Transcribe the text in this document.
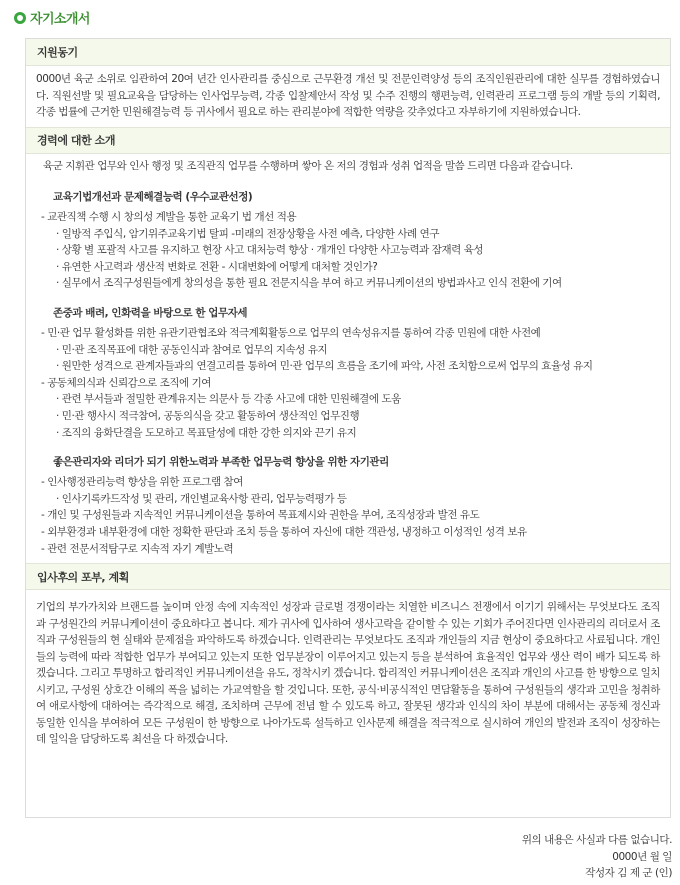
자기소개서
지원동기

0000년 육군 소위로 임관하여 20여 년간 인사관리를 중심으로 근무환경 개선 및 전문인력양성 등의 조직인원관리에 대한 실무를 경험하였습니다. 직원선발 및 필요교육을 담당하는 인사업무능력, 각종 입찰제안서 작성 및 수주 진행의 행편능력, 인력관리 프로그램 등의 개발 등의 기획력, 각종 법률에 근거한 민원해결능력 등 귀사에서 필요로 하는 관리분야에 적합한 역량을 갖추었다고 자부하기에 지원하였습니다.

경력에 대한 소개
육군 지휘관 업무와 인사 행정 및 조직관직 업무를 수행하며 쌓아 온 저의 경험과 성취 업적을 말씀 드리면 다음과 같습니다.
교육기법개선과 문제해결능력 (우수교관선정)
- 교관직책 수행 시 창의성 계발을 통한 교육기 법 개선 적용
· 일방적 주입식, 암기위주교육기법 탈피 -미래의 전장상황을 사전 예측, 다양한 사례 연구
· 상황 별 포괄적 사고를 유지하고 현장 사고 대처능력 향상 · 개개인 다양한 사고능력과 잠재력 육성
· 유연한 사고력과 생산적 변화로 전환 - 시대변화에 어떻게 대처할 것인가?
· 실무에서 조직구성원들에게 창의성을 통한 필요 전문지식을 부여 하고 커뮤니케이션의 방법과사고 인식 전환에 기여
존중과 배려, 인화력을 바탕으로 한 업무자세
- 민·관 업무 활성화를 위한 유관기관협조와 적극계획활동으로 업무의 연속성유지를 통하여 각종 민원에 대한 사전예
· 민·관 조직목표에 대한 공동인식과 참여로 업무의 지속성 유지
· 원만한 성격으로 관계자들과의 연결고리를 통하여 민·관 업무의 흐름을 조기에 파악, 사전 조치함으로써 업무의 효율성 유지
- 공동체의식과 신뢰감으로 조직에 기여
· 관련 부서들과 절밀한 관계유지는 의문사 등 각종 사고에 대한 민원해결에 도움
· 민·관 행사시 적극참여, 공동의식을 갖고 활동하여 생산적인 업무진행
· 조직의 융화단결을 도모하고 목표달성에 대한 강한 의지와 끈기 유지
좋은관리자와 리더가 되기 위한노력과 부족한 업무능력 향상을 위한 자기관리
- 인사행정관리능력 향상을 위한 프로그램 참여
· 인사기록카드작성 및 관리, 개인별교육사항 관리, 업무능력평가 등
- 개인 및 구성원들과 지속적인 커뮤니케이션을 통하여 목표제시와 권한을 부여, 조직성장과 발전 유도
- 외부환경과 내부환경에 대한 정확한 판단과 조치 등을 통하여 자신에 대한 객관성, 냉정하고 이성적인 성격 보유
- 관련 전문서적탐구로 지속적 자기 계발노력
입사후의 포부, 계획

기업의 부가가치와 브랜드를 높이며 안정 속에 지속적인 성장과 글로벌 경쟁이라는 치열한 비즈니스 전쟁에서 이기기 위해서는 무엇보다도 조직과 구성원간의 커뮤니케이션이 중요하다고 봅니다. 제가 귀사에 입사하여 생사고락을 같이할 수 있는 기회가 주어진다면 인사관리의 리더로서 조직과 구성원들의 현 실태와 문제점을 파악하도록 하겠습니다. 인력관리는 무엇보다도 조직과 개인들의 지금 현상이 중요하다고 사료됩니다. 개인들의 능력에 따라 적합한 업무가 부여되고 있는지 또한 업무분장이 이루어지고 있는지 등을 분석하여 효율적인 업무와 생산 력이 배가 되도록 하겠습니다. 그리고 투명하고 합리적인 커뮤니케이션을 유도, 정착시키 겠습니다. 합리적인 커뮤니케이션은 조직과 개인의 사고를 한 방향으로 일치시키고, 구성원 상호간 이해의 폭을 넓히는 가교역할을 할 것입니다. 또한, 공식·비공식적인 면담활동을 통하여 구성원들의 생각과 고민을 청취하여 애로사항에 대하여는 즉각적으로 해결, 조치하며 근무에 전념 할 수 있도록 하고, 잘못된 생각과 인식의 차이 부분에 대해서는 공동체 정신과 동일한 인식을 부여하여 모든 구성원이 한 방향으로 나아가도록 설득하고 인사문제 해결을 적극적으로 실시하여 개인의 발전과 조직이 성장하는데 일익을 담당하도록 최선을 다 하겠습니다.

위의 내용은 사실과 다름 없습니다.
0000년 월 일
작성자 김 제 군 (인)
